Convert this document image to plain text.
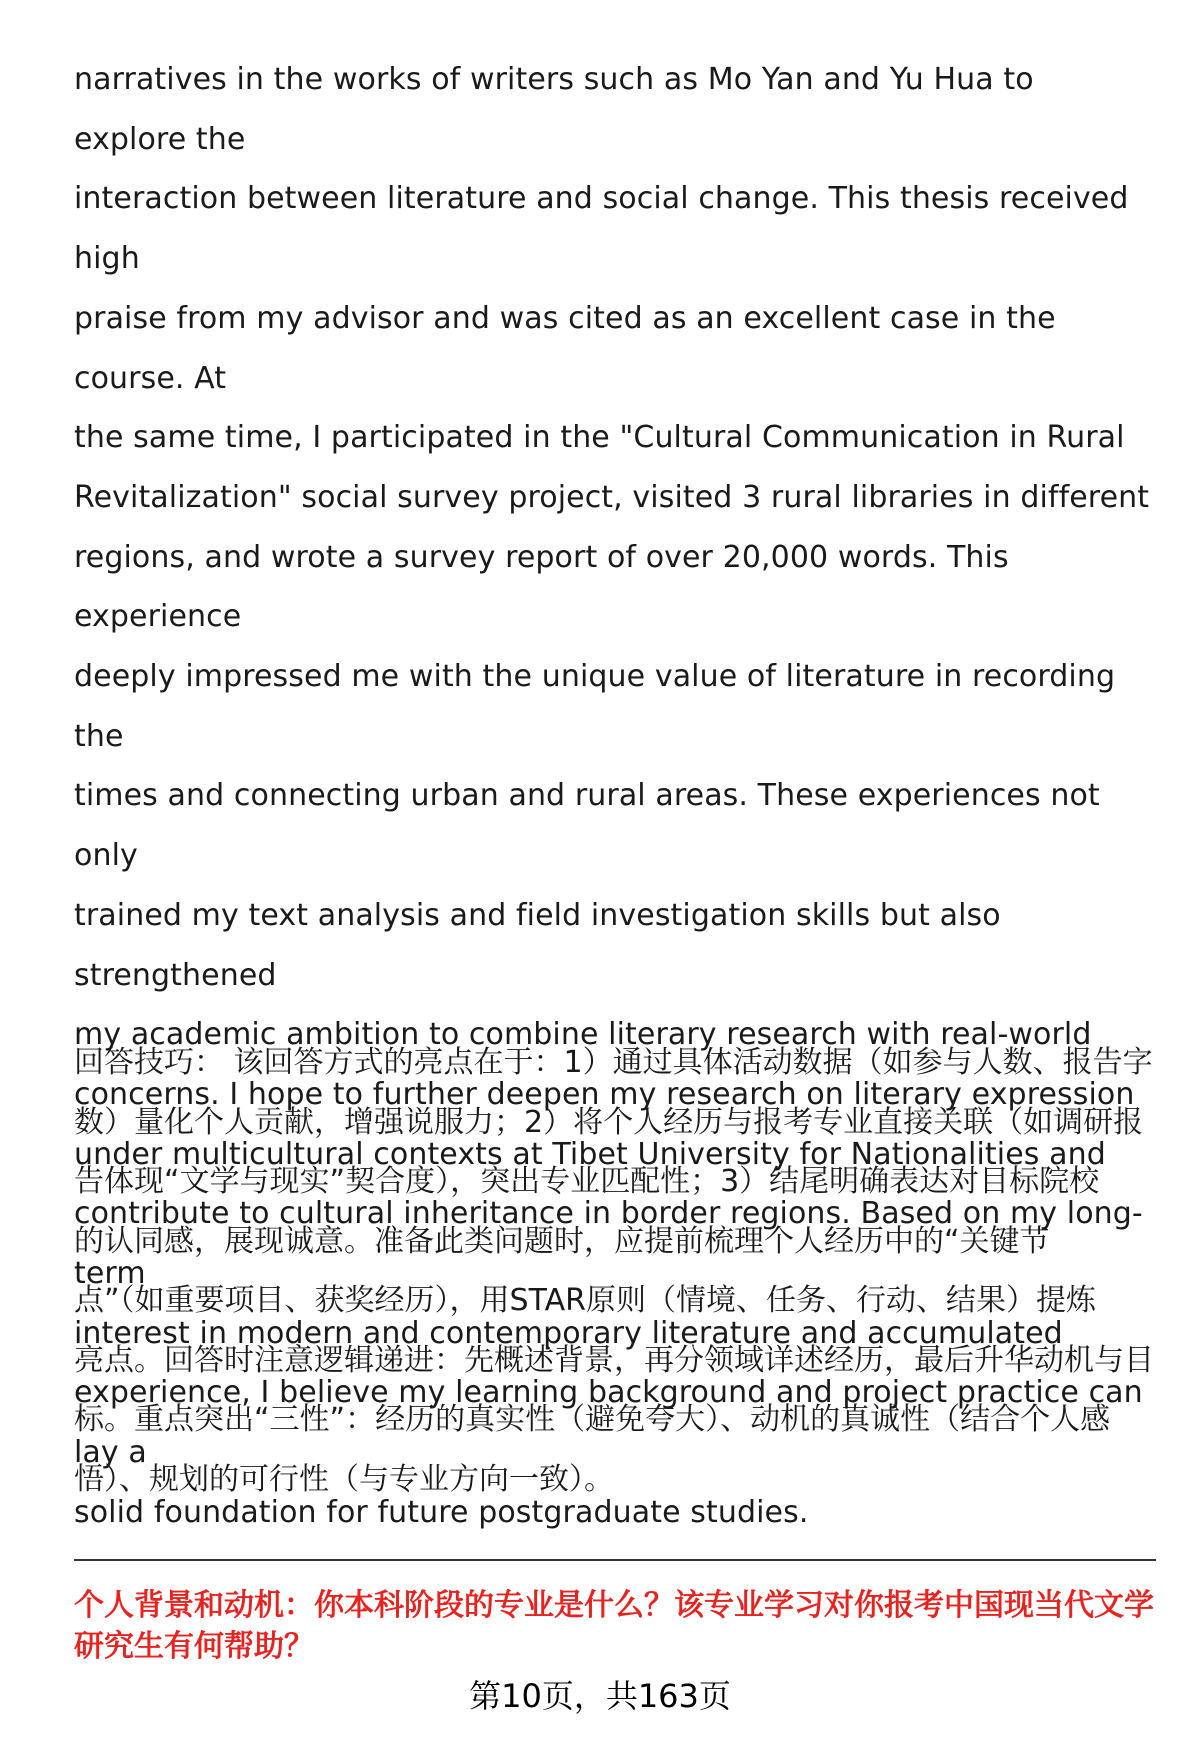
narratives in the works of writers such as Mo Yan and Yu Hua to explore the
interaction between literature and social change. This thesis received high
praise from my advisor and was cited as an excellent case in the course. At
the same time, I participated in the "Cultural Communication in Rural
Revitalization" social survey project, visited 3 rural libraries in different
regions, and wrote a survey report of over 20,000 words. This experience
deeply impressed me with the unique value of literature in recording the
times and connecting urban and rural areas. These experiences not only
trained my text analysis and field investigation skills but also strengthened
my academic ambition to combine literary research with real-world
concerns. I hope to further deepen my research on literary expression
under multicultural contexts at Tibet University for Nationalities and
contribute to cultural inheritance in border regions. Based on my long-term
interest in modern and contemporary literature and accumulated
experience, I believe my learning background and project practice can lay a
solid foundation for future postgraduate studies.

回答技巧： 该回答方式的亮点在于：1）通过具体活动数据（如参与人数、报告字
数）量化个人贡献，增强说服力；2）将个人经历与报考专业直接关联（如调研报
告体现“文学与现实”契合度），突出专业匹配性；3）结尾明确表达对目标院校
的认同感，展现诚意。准备此类问题时，应提前梳理个人经历中的“关键节
点”（如重要项目、获奖经历），用STAR原则（情境、任务、行动、结果）提炼
亮点。回答时注意逻辑递进：先概述背景，再分领域详述经历，最后升华动机与目
标。重点突出“三性”：经历的真实性（避免夸大）、动机的真诚性（结合个人感
悟）、规划的可行性（与专业方向一致）。

个人背景和动机：你本科阶段的专业是什么？该专业学习对你报考中国现当代文学
研究生有何帮助？

第10页，共163页
